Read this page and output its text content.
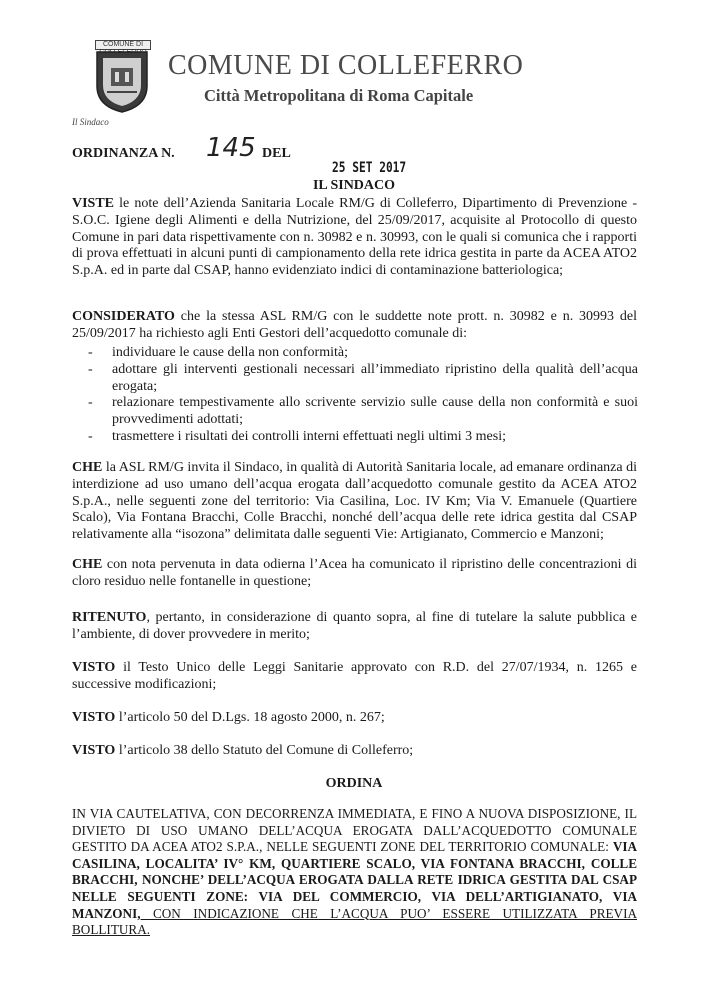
COMUNE DI
COMUNE DI COLLEFERRO
Città Metropolitana di Roma Capitale
Il Sindaco
ORDINANZA N. 145 DEL
25 SET 2017
IL SINDACO
VISTE le note dell’Azienda Sanitaria Locale RM/G di Colleferro, Dipartimento di Prevenzione - S.O.C. Igiene degli Alimenti e della Nutrizione, del 25/09/2017, acquisite al Protocollo di questo Comune in pari data rispettivamente con n. 30982 e n. 30993, con le quali si comunica che i rapporti di prova effettuati in alcuni punti di campionamento della rete idrica gestita in parte da ACEA ATO2 S.p.A. ed in parte dal CSAP, hanno evidenziato indici di contaminazione batteriologica;
CONSIDERATO che la stessa ASL RM/G con le suddette note prott. n. 30982 e n. 30993 del 25/09/2017 ha richiesto agli Enti Gestori dell’acquedotto comunale di:
- individuare le cause della non conformità;
- adottare gli interventi gestionali necessari all’immediato ripristino della qualità dell’acqua erogata;
- relazionare tempestivamente allo scrivente servizio sulle cause della non conformità e suoi provvedimenti adottati;
- trasmettere i risultati dei controlli interni effettuati negli ultimi 3 mesi;
CHE la ASL RM/G invita il Sindaco, in qualità di Autorità Sanitaria locale, ad emanare ordinanza di interdizione ad uso umano dell’acqua erogata dall’acquedotto comunale gestito da ACEA ATO2 S.p.A., nelle seguenti zone del territorio: Via Casilina, Loc. IV Km; Via V. Emanuele (Quartiere Scalo), Via Fontana Bracchi, Colle Bracchi, nonché dell’acqua delle rete idrica gestita dal CSAP relativamente alla “isozona” delimitata dalle seguenti Vie: Artigianato, Commercio e Manzoni;
CHE con nota pervenuta in data odierna l’Acea ha comunicato il ripristino delle concentrazioni di cloro residuo nelle fontanelle in questione;
RITENUTO, pertanto, in considerazione di quanto sopra, al fine di tutelare la salute pubblica e l’ambiente, di dover provvedere in merito;
VISTO il Testo Unico delle Leggi Sanitarie approvato con R.D. del 27/07/1934, n. 1265 e successive modificazioni;
VISTO l’articolo 50 del D.Lgs. 18 agosto 2000, n. 267;
VISTO l’articolo 38 dello Statuto del Comune di Colleferro;
ORDINA
IN VIA CAUTELATIVA, CON DECORRENZA IMMEDIATA, E FINO A NUOVA DISPOSIZIONE, IL DIVIETO DI USO UMANO DELL’ACQUA EROGATA DALL’ACQUEDOTTO COMUNALE GESTITO DA ACEA ATO2 S.P.A., NELLE SEGUENTI ZONE DEL TERRITORIO COMUNALE: VIA CASILINA, LOCALITA’ IV° KM, QUARTIERE SCALO, VIA FONTANA BRACCHI, COLLE BRACCHI, NONCHE’ DELL’ACQUA EROGATA DALLA RETE IDRICA GESTITA DAL CSAP NELLE SEGUENTI ZONE: VIA DEL COMMERCIO, VIA DELL’ARTIGIANATO, VIA MANZONI, CON INDICAZIONE CHE L’ACQUA PUO’ ESSERE UTILIZZATA PREVIA BOLLITURA.
